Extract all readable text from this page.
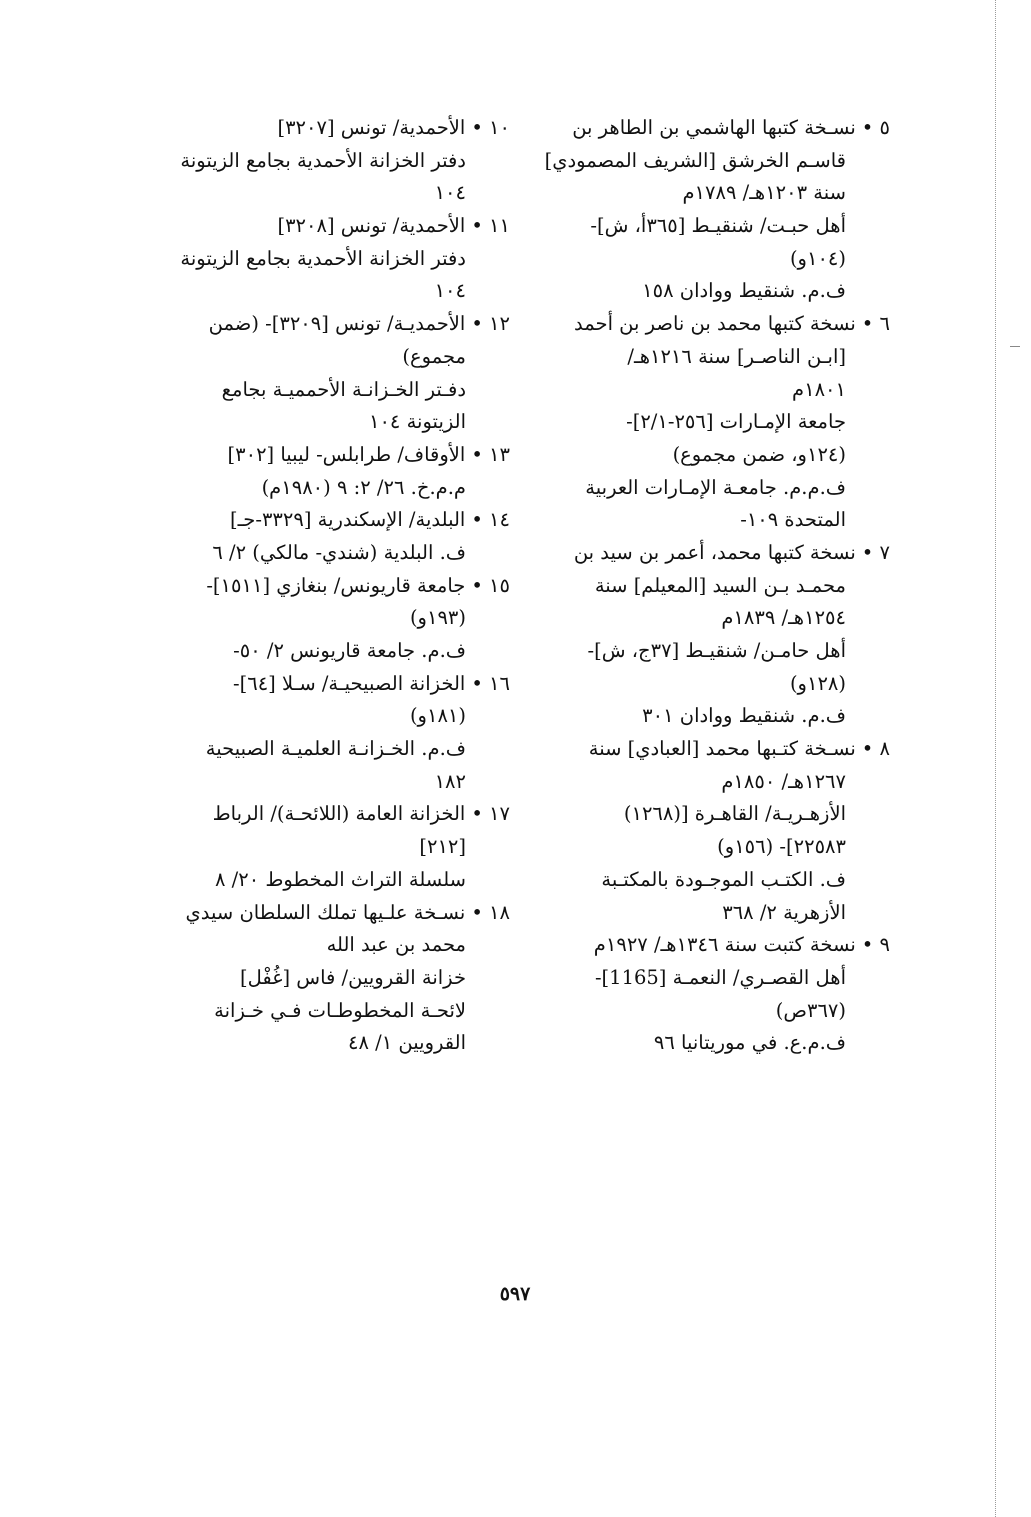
٥ •نسـخة كتبها الهاشمي بن الطاهر بن
قاسـم الخرشق [الشريف المصمودي]
سنة ١٢٠٣هـ/ ١٧٨٩م
أهل حبـت/ شنقيـط [٣٦٥أ، ش]-
(١٠٤و)
ف.م. شنقيط ووادان ١٥٨
٦ •نسخة كتبها محمد بن ناصر بن أحمد
[ابـن الناصـر] سنة ١٢١٦هـ/
١٨٠١م
جامعة الإمـارات [٢٥٦-٢/١]-
(١٢٤و، ضمن مجموع)
ف.م.م. جامعـة الإمـارات العربية
المتحدة ١٠٩-
٧ •نسخة كتبها محمد، أعمر بن سيد بن
محمـد بـن السيد [المعيلم] سنة
١٢٥٤هـ/ ١٨٣٩م
أهل حامـن/ شنقيـط [٣٧ج، ش]-
(١٢٨و)
ف.م. شنقيط ووادان ٣٠١
٨ •نسـخة كتـبها محمد [العبادي] سنة
١٢٦٧هـ/ ١٨٥٠م
الأزهـريـة/ القاهـرة [(١٢٦٨)
٢٢٥٨٣]- (١٥٦و)
ف. الكتـب الموجـودة بالمكتـبة
الأزهرية ٢/ ٣٦٨
٩ •نسخة كتبت سنة ١٣٤٦هـ/ ١٩٢٧م
أهل القصـري/ النعمـة [1165]-
(٣٦٧ص)
ف.م.ع. في موريتانيا ٩٦
١٠ •الأحمدية/ تونس [٣٢٠٧]
دفتر الخزانة الأحمدية بجامع الزيتونة
١٠٤
١١ •الأحمدية/ تونس [٣٢٠٨]
دفتر الخزانة الأحمدية بجامع الزيتونة
١٠٤
١٢ •الأحمديـة/ تونس [٣٢٠٩]- (ضمن
مجموع)
دفـتر الخـزانـة الأحمميـة بجامع
الزيتونة ١٠٤
١٣ •الأوقاف/ طرابلس- ليبيا [٣٠٢]
م.م.خ. ٢٦/ ٢: ٩ (١٩٨٠م)
١٤ •البلدية/ الإسكندرية [٣٣٢٩-جـ]
ف. البلدية (شندي- مالكي) ٢/ ٦
١٥ •جامعة قاريونس/ بنغازي [١٥١١]-
(١٩٣و)
ف.م. جامعة قاريونس ٢/ ٥٠-
١٦ •الخزانة الصبيحيـة/ سـلا [٦٤]-
(١٨١و)
ف.م. الخـزانـة العلميـة الصبيحية
١٨٢
١٧ •الخزانة العامة (اللائحـة)/ الرباط
[٢١٢]
سلسلة التراث المخطوط ٢٠/ ٨
١٨ •نسـخة علـيها تملك السلطان سيدي
محمد بن عبد الله
خزانة القرويين/ فاس [غُفْل]
لائحـة المخطوطـات فـي خـزانة
القرويين ١/ ٤٨
٥٩٧
